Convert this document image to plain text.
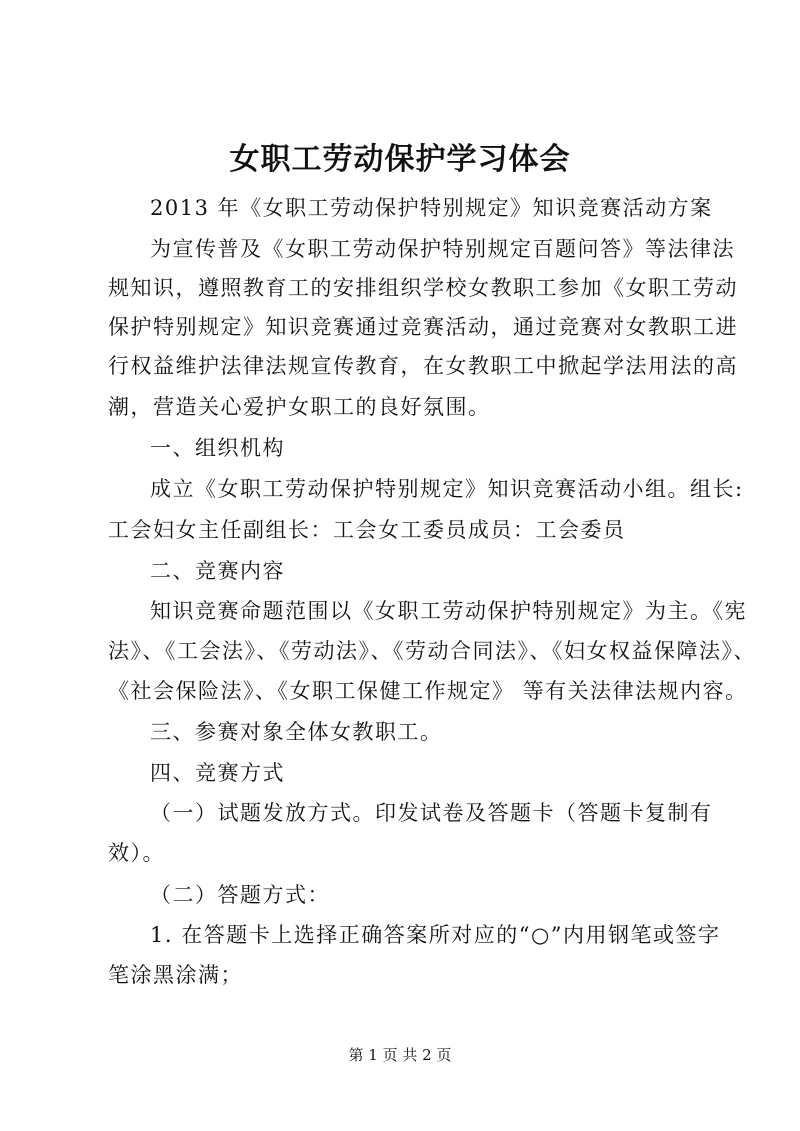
女职工劳动保护学习体会
2013 年《女职工劳动保护特别规定》知识竞赛活动方案
为宣传普及《女职工劳动保护特别规定百题问答》等法律法
规知识，遵照教育工的安排组织学校女教职工参加《女职工劳动
保护特别规定》知识竞赛通过竞赛活动，通过竞赛对女教职工进
行权益维护法律法规宣传教育，在女教职工中掀起学法用法的高
潮，营造关心爱护女职工的良好氛围。
一、组织机构
成立《女职工劳动保护特别规定》知识竞赛活动小组。组长:
工会妇女主任副组长：工会女工委员成员：工会委员
二、竞赛内容
知识竞赛命题范围以《女职工劳动保护特别规定》为主。《宪
法》、《工会法》、《劳动法》、《劳动合同法》、《妇女权益保障法》、
《社会保险法》、《女职工保健工作规定》 等有关法律法规内容。
三、参赛对象全体女教职工。
四、竞赛方式
（一）试题发放方式。印发试卷及答题卡（答题卡复制有
效）。
（二）答题方式：
1. 在答题卡上选择正确答案所对应的“○”内用钢笔或签字
笔涂黑涂满；
第 1 页 共 2 页
